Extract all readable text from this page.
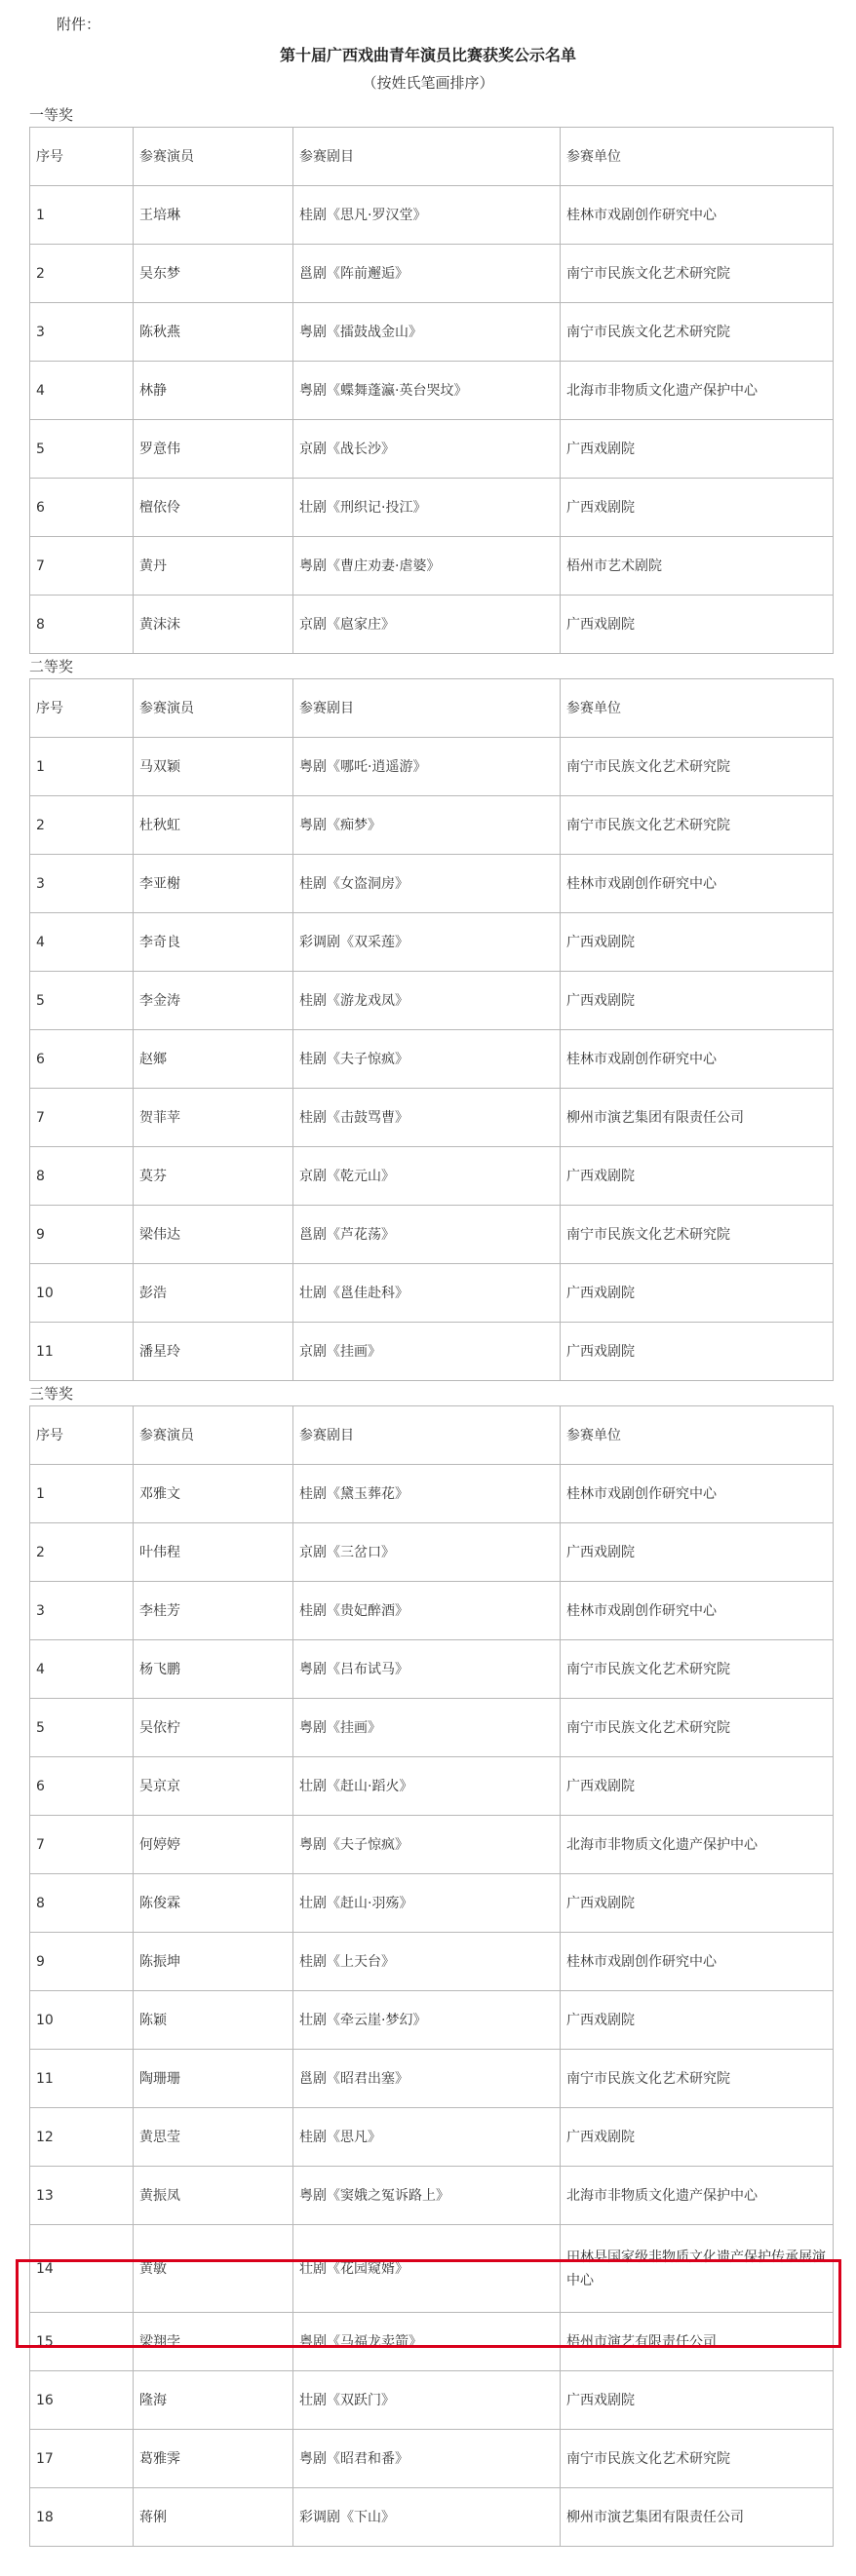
附件：
第十届广西戏曲青年演员比赛获奖公示名单
（按姓氏笔画排序）
一等奖
序号	参赛演员	参赛剧目	参赛单位
1	王培琳	桂剧《思凡·罗汉堂》	桂林市戏剧创作研究中心
2	吴东梦	邕剧《阵前邂逅》	南宁市民族文化艺术研究院
3	陈秋燕	粤剧《擂鼓战金山》	南宁市民族文化艺术研究院
4	林静	粤剧《蝶舞蓬瀛·英台哭坟》	北海市非物质文化遗产保护中心
5	罗意伟	京剧《战长沙》	广西戏剧院
6	檀依伶	壮剧《刑织记·投江》	广西戏剧院
7	黄丹	粤剧《曹庄劝妻·虐婆》	梧州市艺术剧院
8	黄沫沫	京剧《扈家庄》	广西戏剧院
二等奖
序号	参赛演员	参赛剧目	参赛单位
1	马双颖	粤剧《哪吒·逍遥游》	南宁市民族文化艺术研究院
2	杜秋虹	粤剧《痴梦》	南宁市民族文化艺术研究院
3	李亚榭	桂剧《女盗洞房》	桂林市戏剧创作研究中心
4	李奇良	彩调剧《双采莲》	广西戏剧院
5	李金涛	桂剧《游龙戏凤》	广西戏剧院
6	赵鄉	桂剧《夫子惊疯》	桂林市戏剧创作研究中心
7	贺菲苹	桂剧《击鼓骂曹》	柳州市演艺集团有限责任公司
8	莫芬	京剧《乾元山》	广西戏剧院
9	梁伟达	邕剧《芦花荡》	南宁市民族文化艺术研究院
10	彭浩	壮剧《邕佳赴科》	广西戏剧院
11	潘星玲	京剧《挂画》	广西戏剧院
三等奖
序号	参赛演员	参赛剧目	参赛单位
1	邓雅文	桂剧《黛玉葬花》	桂林市戏剧创作研究中心
2	叶伟程	京剧《三岔口》	广西戏剧院
3	李桂芳	桂剧《贵妃醉酒》	桂林市戏剧创作研究中心
4	杨飞鹏	粤剧《吕布试马》	南宁市民族文化艺术研究院
5	吴依柠	粤剧《挂画》	南宁市民族文化艺术研究院
6	吴京京	壮剧《赶山·蹈火》	广西戏剧院
7	何婷婷	粤剧《夫子惊疯》	北海市非物质文化遗产保护中心
8	陈俊霖	壮剧《赶山·羽殇》	广西戏剧院
9	陈振坤	桂剧《上天台》	桂林市戏剧创作研究中心
10	陈颖	壮剧《牵云崖·梦幻》	广西戏剧院
11	陶珊珊	邕剧《昭君出塞》	南宁市民族文化艺术研究院
12	黄思莹	桂剧《思凡》	广西戏剧院
13	黄振凤	粤剧《窦娥之冤诉路上》	北海市非物质文化遗产保护中心
14	黄敏	壮剧《花园窥婿》	田林县国家级非物质文化遗产保护传承展演中心
15	梁翔孛	粤剧《马福龙卖箭》	梧州市演艺有限责任公司
16	隆海	壮剧《双跃门》	广西戏剧院
17	葛雅霁	粤剧《昭君和番》	南宁市民族文化艺术研究院
18	蒋俐	彩调剧《下山》	柳州市演艺集团有限责任公司
